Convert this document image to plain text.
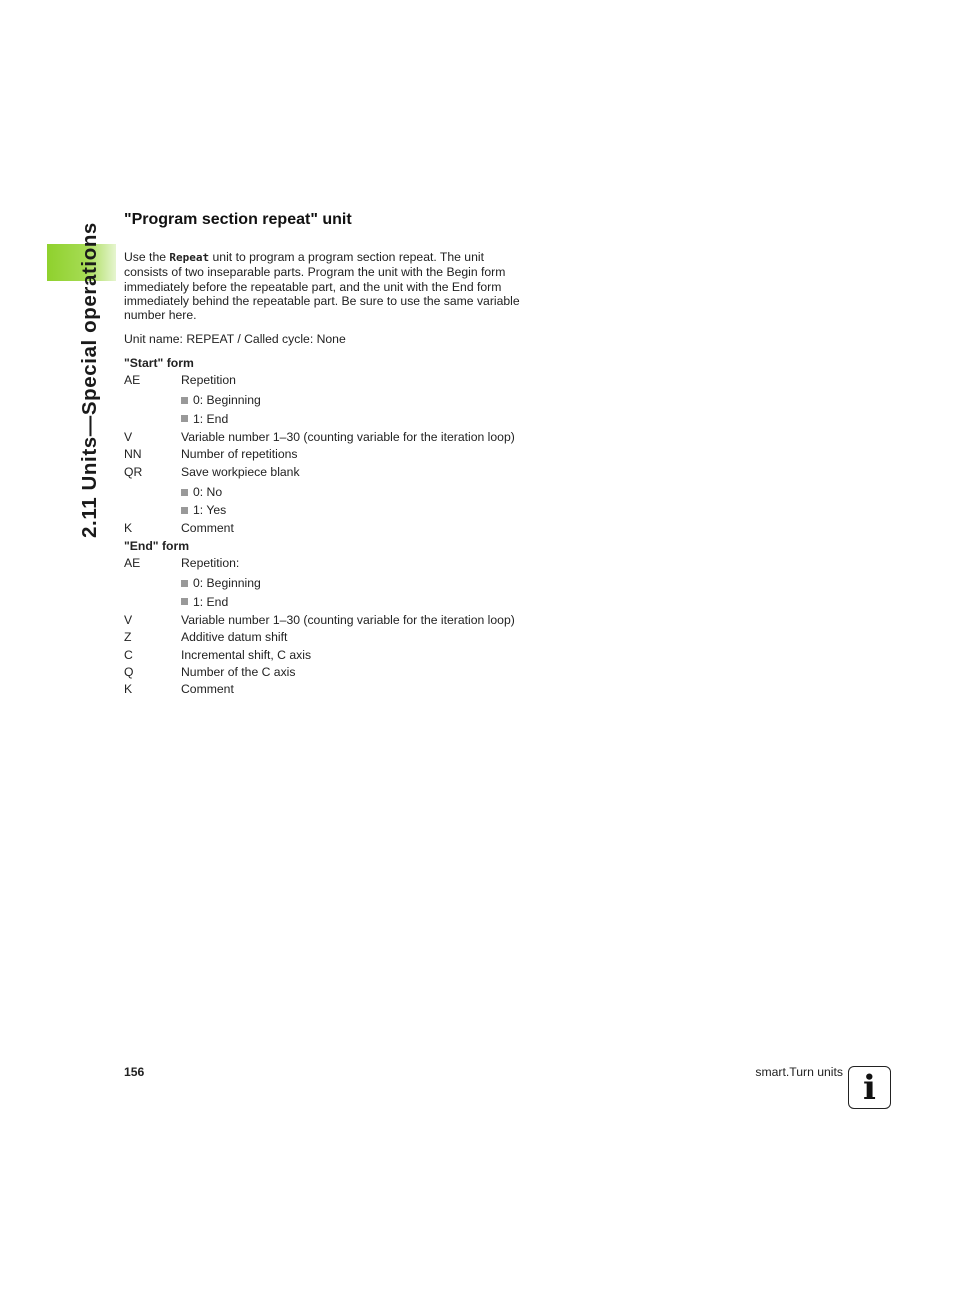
2.11 Units—Special operations
"Program section repeat" unit

Use the Repeat unit to program a program section repeat. The unit consists of two inseparable parts. Program the unit with the Begin form immediately before the repeatable part, and the unit with the End form immediately behind the repeatable part. Be sure to use the same variable number here.

Unit name: REPEAT / Called cycle: None

"Start" form
AE	Repetition
0: Beginning
1: End
V	Variable number 1–30 (counting variable for the iteration loop)
NN	Number of repetitions
QR	Save workpiece blank
0: No
1: Yes
K	Comment
"End" form
AE	Repetition:
0: Beginning
1: End
V	Variable number 1–30 (counting variable for the iteration loop)
Z	Additive datum shift
C	Incremental shift, C axis
Q	Number of the C axis
K	Comment
156	smart.Turn units i
